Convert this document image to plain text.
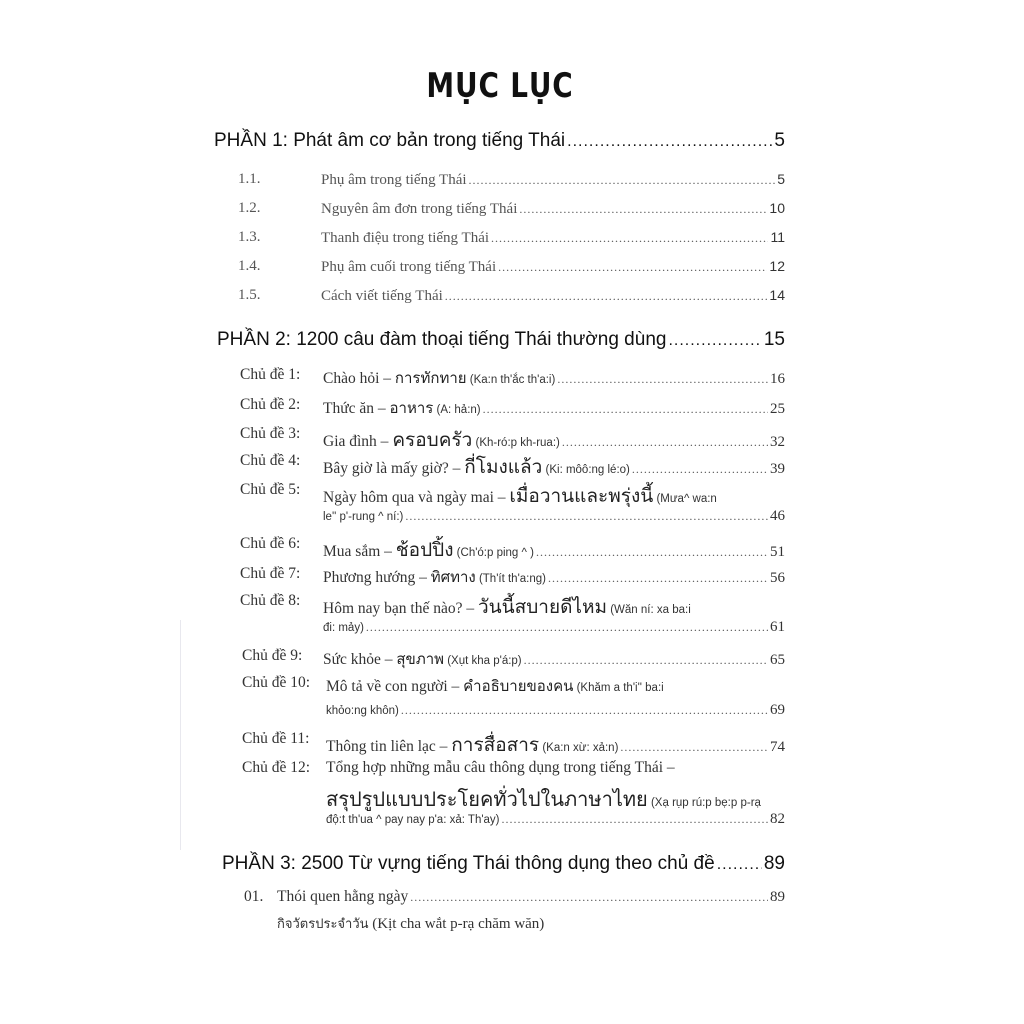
MỤC LỤC
PHẦN 1: Phát âm cơ bản trong tiếng Thái .....	5
1.1.	Phụ âm trong tiếng Thái .....	5
1.2.	Nguyên âm đơn trong tiếng Thái .....	10
1.3.	Thanh điệu trong tiếng Thái .....	11
1.4.	Phụ âm cuối trong tiếng Thái .....	12
1.5.	Cách viết tiếng Thái .....	14
PHẦN 2: 1200 câu đàm thoại tiếng Thái thường dùng .....	15
Chủ đề 1:	Chào hỏi – การทักทาย (Ka:n th'ắc th'a:i) .....	16
Chủ đề 2:	Thức ăn – อาหาร (A: hả:n) .....	25
Chủ đề 3:	Gia đình – ครอบครัว (Kh-ró:p kh-rua:) .....	32
Chủ đề 4:	Bây giờ là mấy giờ? – กี่โมงแล้ว (Ki: môô:ng lé:o) .....	39
Chủ đề 5:	Ngày hôm qua và ngày mai – เมื่อวานและพรุ่งนี้ (Mưa^ wa:n
le'' p'-rung ^ ní:) .....	46
Chủ đề 6:	Mua sắm – ช้อปปิ้ง (Ch'ó:p ping ^ ) .....	51
Chủ đề 7:	Phương hướng – ทิศทาง (Th'ít th'a:ng) .....	56
Chủ đề 8:	Hôm nay bạn thế nào? – วันนี้สบายดีไหม (Wăn ní: xa ba:i
đi: mảy) .....	61
Chủ đề 9:	Sức khỏe – สุขภาพ (Xụt kha p'á:p) .....	65
Chủ đề 10:	Mô tả về con người – คำอธิบายของคน (Khăm a th'i'' ba:i
khỏo:ng khôn) .....	69
Chủ đề 11:	Thông tin liên lạc – การสื่อสาร (Ka:n xừ: xả:n) .....	74
Chủ đề 12:	Tổng hợp những mẫu câu thông dụng trong tiếng Thái –
สรุปรูปแบบประโยคทั่วไปในภาษาไทย (Xạ rụp rú:p bẹ:p p-rạ
độ:t th'ua ^ pay nay p'a: xả: Th'ay) .....	82
PHẦN 3: 2500 Từ vựng tiếng Thái thông dụng theo chủ đề .....	89
01. Thói quen hằng ngày .....	89
กิจวัตรประจำวัน (Kịt cha wắt p-rạ chăm wăn)
